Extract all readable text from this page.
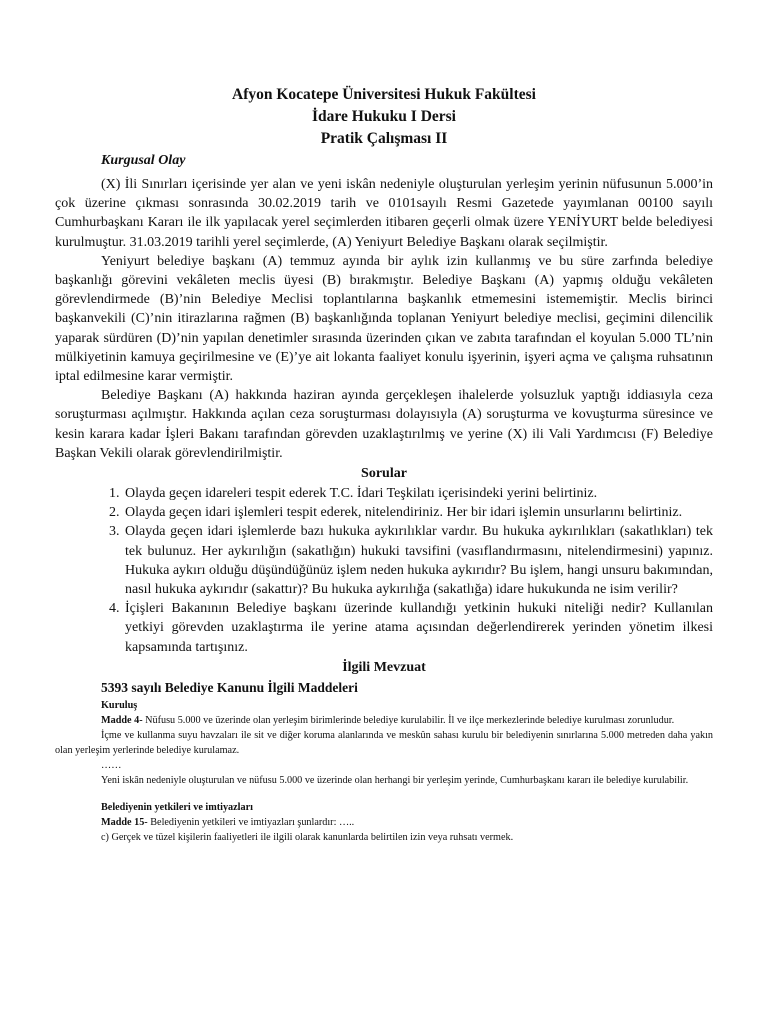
Afyon Kocatepe Üniversitesi Hukuk Fakültesi
İdare Hukuku I Dersi
Pratik Çalışması II
Kurgusal Olay

(X) İli Sınırları içerisinde yer alan ve yeni iskân nedeniyle oluşturulan yerleşim yerinin nüfusunun 5.000’in çok üzerine çıkması sonrasında 30.02.2019 tarih ve 0101sayılı Resmi Gazetede yayımlanan 00100 sayılı Cumhurbaşkanı Kararı ile ilk yapılacak yerel seçimlerden itibaren geçerli olmak üzere YENİYURT belde belediyesi kurulmuştur. 31.03.2019 tarihli yerel seçimlerde, (A) Yeniyurt Belediye Başkanı olarak seçilmiştir.

Yeniyurt belediye başkanı (A) temmuz ayında bir aylık izin kullanmış ve bu süre zarfında belediye başkanlığı görevini vekâleten meclis üyesi (B) bırakmıştır. Belediye Başkanı (A) yapmış olduğu vekâleten görevlendirmede (B)’nin Belediye Meclisi toplantılarına başkanlık etmemesini istememiştir. Meclis birinci başkanvekili (C)’nin itirazlarına rağmen (B) başkanlığında toplanan Yeniyurt belediye meclisi, geçimini dilencilik yaparak sürdüren (D)’nin yapılan denetimler sırasında üzerinden çıkan ve zabıta tarafından el koyulan 5.000 TL’nin mülkiyetinin kamuya geçirilmesine ve (E)’ye ait lokanta faaliyet konulu işyerinin, işyeri açma ve çalışma ruhsatının iptal edilmesine karar vermiştir.

Belediye Başkanı (A) hakkında haziran ayında gerçekleşen ihalelerde yolsuzluk yaptığı iddiasıyla ceza soruşturması açılmıştır. Hakkında açılan ceza soruşturması dolayısıyla (A) soruşturma ve kovuşturma süresince ve kesin karara kadar İşleri Bakanı tarafından görevden uzaklaştırılmış ve yerine (X) ili Vali Yardımcısı (F) Belediye Başkan Vekili olarak görevlendirilmiştir.

Sorular
1. Olayda geçen idareleri tespit ederek T.C. İdari Teşkilatı içerisindeki yerini belirtiniz.
2. Olayda geçen idari işlemleri tespit ederek, nitelendiriniz. Her bir idari işlemin unsurlarını belirtiniz.
3. Olayda geçen idari işlemlerde bazı hukuka aykırılıklar vardır. Bu hukuka aykırılıkları (sakatlıkları) tek tek bulunuz. Her aykırılığın (sakatlığın) hukuki tavsifini (vasıflandırmasını, nitelendirmesini) yapınız. Hukuka aykırı olduğu düşündüğünüz işlem neden hukuka aykırıdır? Bu işlem, hangi unsuru bakımından, nasıl hukuka aykırıdır (sakattır)? Bu hukuka aykırılığa (sakatlığa) idare hukukunda ne isim verilir?
4. İçişleri Bakanının Belediye başkanı üzerinde kullandığı yetkinin hukuki niteliği nedir? Kullanılan yetkiyi görevden uzaklaştırma ile yerine atama açısından değerlendirerek yerinden yönetim ilkesi kapsamında tartışınız.
İlgili Mevzuat
5393 sayılı Belediye Kanunu İlgili Maddeleri

Kuruluş

Madde 4- Nüfusu 5.000 ve üzerinde olan yerleşim birimlerinde belediye kurulabilir. İl ve ilçe merkezlerinde belediye kurulması zorunludur.

İçme ve kullanma suyu havzaları ile sit ve diğer koruma alanlarında ve meskûn sahası kurulu bir belediyenin sınırlarına 5.000 metreden daha yakın olan yerleşim yerlerinde belediye kurulamaz.

……

Yeni iskân nedeniyle oluşturulan ve nüfusu 5.000 ve üzerinde olan herhangi bir yerleşim yerinde, Cumhurbaşkanı kararı ile belediye kurulabilir.

Belediyenin yetkileri ve imtiyazları

Madde 15- Belediyenin yetkileri ve imtiyazları şunlardır: …..

c) Gerçek ve tüzel kişilerin faaliyetleri ile ilgili olarak kanunlarda belirtilen izin veya ruhsatı vermek.
